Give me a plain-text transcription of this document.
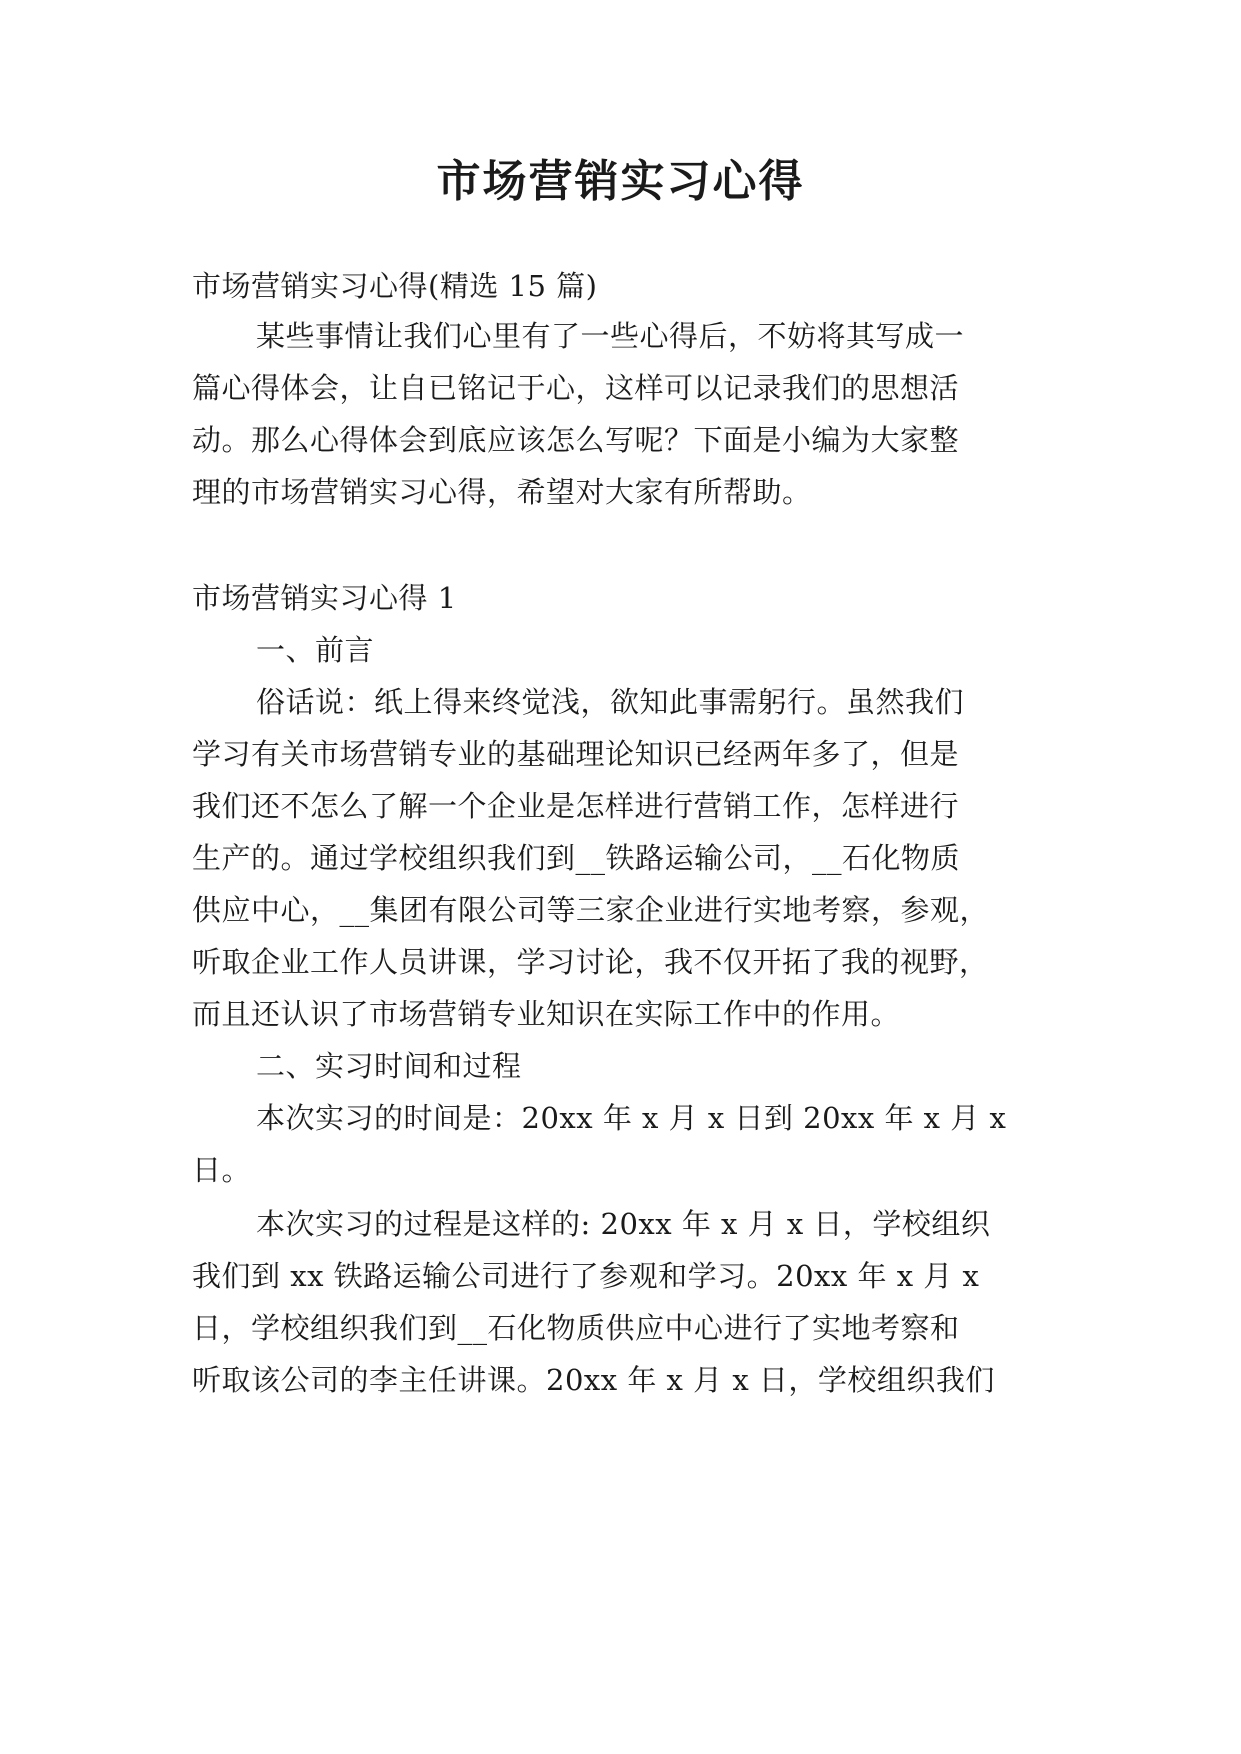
市场营销实习心得
市场营销实习心得(精选 15 篇)
某些事情让我们心里有了一些心得后，不妨将其写成一
篇心得体会，让自已铭记于心，这样可以记录我们的思想活
动。那么心得体会到底应该怎么写呢？下面是小编为大家整
理的市场营销实习心得，希望对大家有所帮助。
市场营销实习心得 1
一、前言
俗话说：纸上得来终觉浅，欲知此事需躬行。虽然我们
学习有关市场营销专业的基础理论知识已经两年多了，但是
我们还不怎么了解一个企业是怎样进行营销工作，怎样进行
生产的。通过学校组织我们到__铁路运输公司，__石化物质
供应中心，__集团有限公司等三家企业进行实地考察，参观，
听取企业工作人员讲课，学习讨论，我不仅开拓了我的视野，
而且还认识了市场营销专业知识在实际工作中的作用。
二、实习时间和过程
本次实习的时间是：20xx 年 x 月 x 日到 20xx 年 x 月 x
日。
本次实习的过程是这样的: 20xx 年 x 月 x 日，学校组织
我们到 xx 铁路运输公司进行了参观和学习。20xx 年 x 月 x
日，学校组织我们到__石化物质供应中心进行了实地考察和
听取该公司的李主任讲课。20xx 年 x 月 x 日，学校组织我们
